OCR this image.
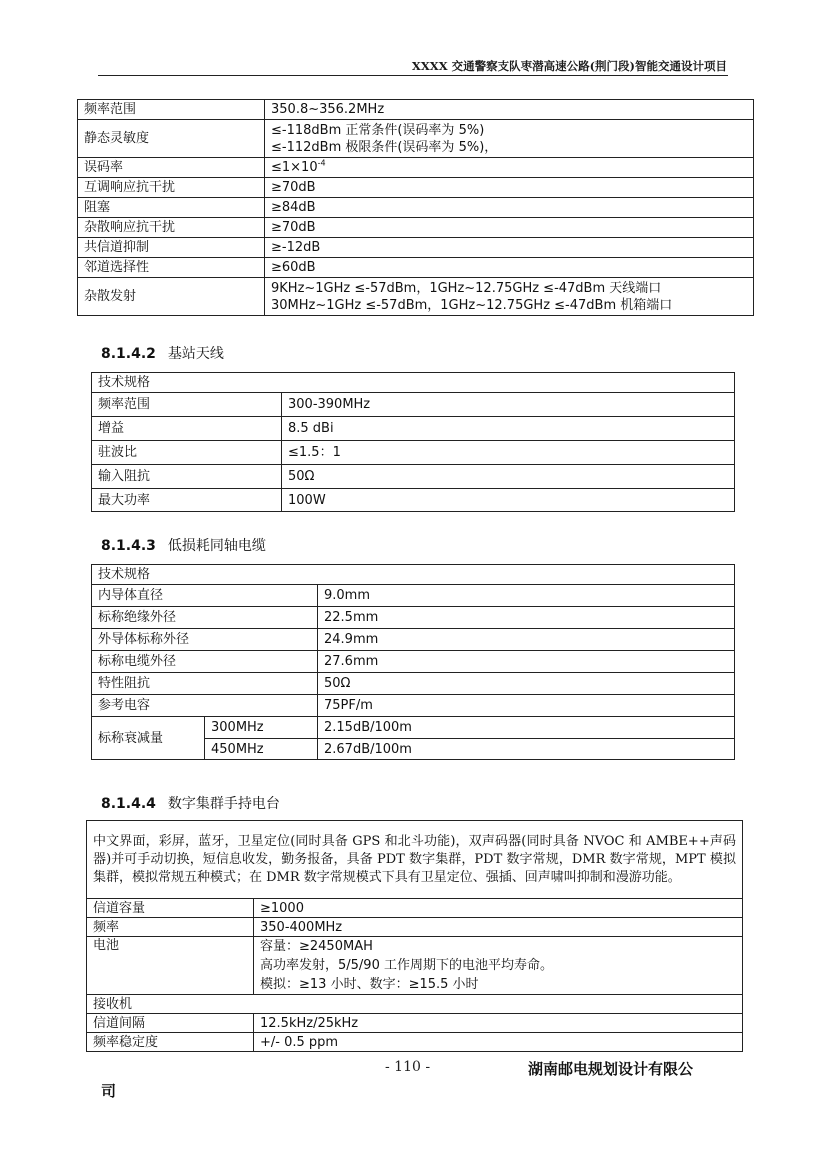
XXXX 交通警察支队枣潜高速公路(荆门段)智能交通设计项目
频率范围	350.8~356.2MHz
静态灵敏度	≤-118dBm 正常条件(误码率为 5%)
≤-112dBm 极限条件(误码率为 5%)，

误码率	$\le 1\times 10^{-4}$
互调响应抗干扰	≥70dB
阻塞	≥84dB
杂散响应抗干扰	≥70dB
共信道抑制	≥-12dB
邻道选择性	≥60dB
杂散发射	9KHz~1GHz ≤-57dBm，1GHz~12.75GHz ≤-47dBm 天线端口
30MHz~1GHz ≤-57dBm，1GHz~12.75GHz ≤-47dBm 机箱端口
8.1.4.2 基站天线
技术规格	
频率范围	300-390MHz
增益	8.5 dBi
驻波比	≤1.5：1
输入阻抗	50Ω
最大功率	100W
8.1.4.3 低损耗同轴电缆
技术规格		
内导体直径		9.0mm
标称绝缘外径		22.5mm
外导体标称外径		24.9mm
标称电缆外径		27.6mm
特性阻抗		50Ω
参考电容		75PF/m
标称衰减量	300MHz	2.15dB/100m
	450MHz	2.67dB/100m
8.1.4.4 数字集群手持电台
中文界面，彩屏，蓝牙，卫星定位(同时具备 GPS 和北斗功能)，双声码器(同时具备 NVOC 和 AMBE++声码器)并可手动切换，短信息收发，勤务报备，具备 PDT 数字集群，PDT 数字常规，DMR 数字常规，MPT 模拟集群，模拟常规五种模式；在 DMR 数字常规模式下具有卫星定位、强插、回声啸叫抑制和漫游功能。	
信道容量	≥1000
频率	350-400MHz
电池	容量：≥2450MAH
高功率发射，5/5/90 工作周期下的电池平均寿命。
模拟：≥13 小时、数字：≥15.5 小时

接收机	
信道间隔	12.5kHz/25kHz
频率稳定度	+/- 0.5 ppm
- 110 -	湖南邮电规划设计有限公
司
